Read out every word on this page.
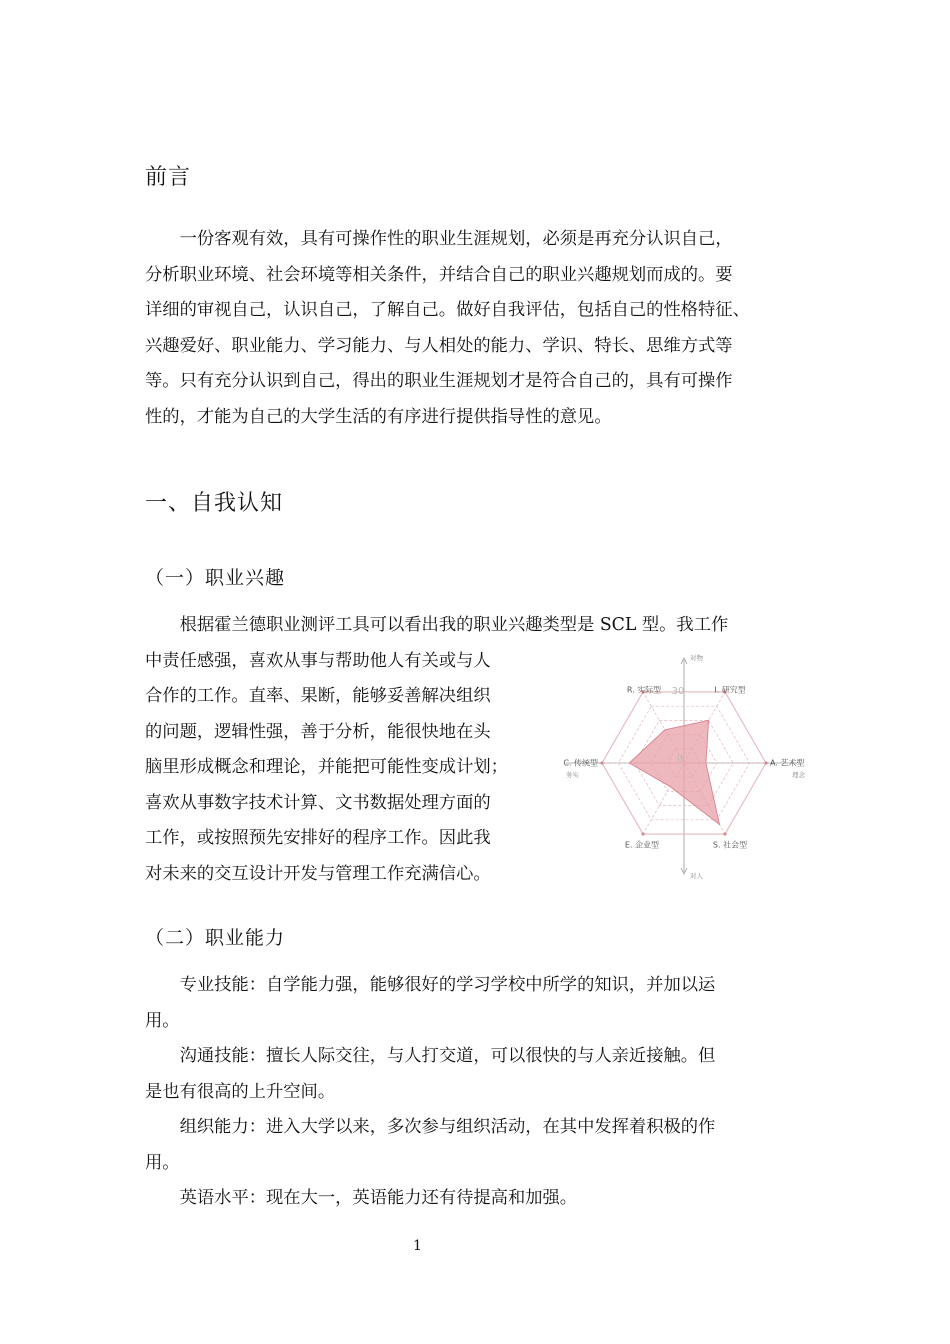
前言
一份客观有效，具有可操作性的职业生涯规划，必须是再充分认识自己，
分析职业环境、社会环境等相关条件，并结合自己的职业兴趣规划而成的。要
详细的审视自己，认识自己，了解自己。做好自我评估，包括自己的性格特征、
兴趣爱好、职业能力、学习能力、与人相处的能力、学识、特长、思维方式等
等。只有充分认识到自己，得出的职业生涯规划才是符合自己的，具有可操作
性的，才能为自己的大学生活的有序进行提供指导性的意见。
一、自我认知
（一）职业兴趣
根据霍兰德职业测评工具可以看出我的职业兴趣类型是 SCL 型。我工作
中责任感强，喜欢从事与帮助他人有关或与人
合作的工作。直率、果断，能够妥善解决组织
的问题，逻辑性强，善于分析，能很快地在头
脑里形成概念和理论，并能把可能性变成计划；
喜欢从事数字技术计算、文书数据处理方面的
工作，或按照预先安排好的程序工作。因此我
对未来的交互设计开发与管理工作充满信心。
R. 实际型	I. 研究型
A. 艺术型
S. 社会型
E. 企业型
C. 传统型
30
0
对物
对人
务实	理念
（二）职业能力
专业技能：自学能力强，能够很好的学习学校中所学的知识，并加以运
用。
沟通技能：擅长人际交往，与人打交道，可以很快的与人亲近接触。但
是也有很高的上升空间。
组织能力：进入大学以来，多次参与组织活动，在其中发挥着积极的作
用。
英语水平：现在大一，英语能力还有待提高和加强。
1
